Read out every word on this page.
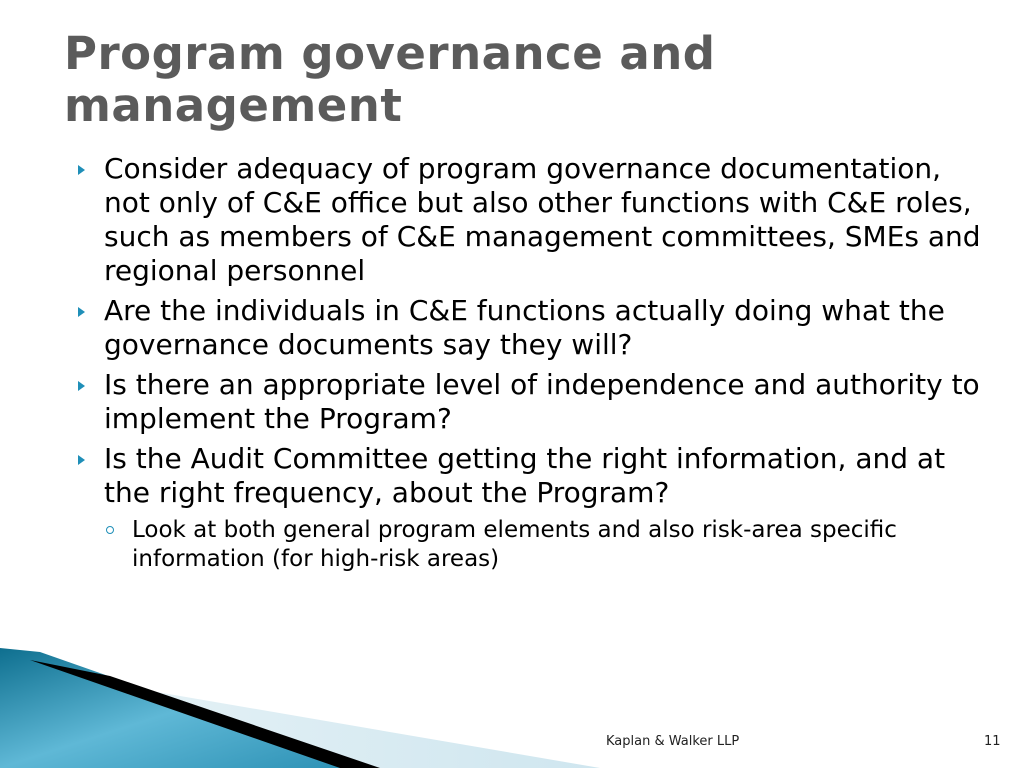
Program governance and
management
Consider adequacy of program governance documentation, not only of C&E office but also other functions with C&E roles, such as members of C&E management committees, SMEs and regional personnel
Are the individuals in C&E functions actually doing what the governance documents say they will?
Is there an appropriate level of independence and authority to implement the Program?
Is the Audit Committee getting the right information, and at the right frequency, about the Program?
Look at both general program elements and also risk-area specific information (for high-risk areas)
Kaplan & Walker LLP	11
